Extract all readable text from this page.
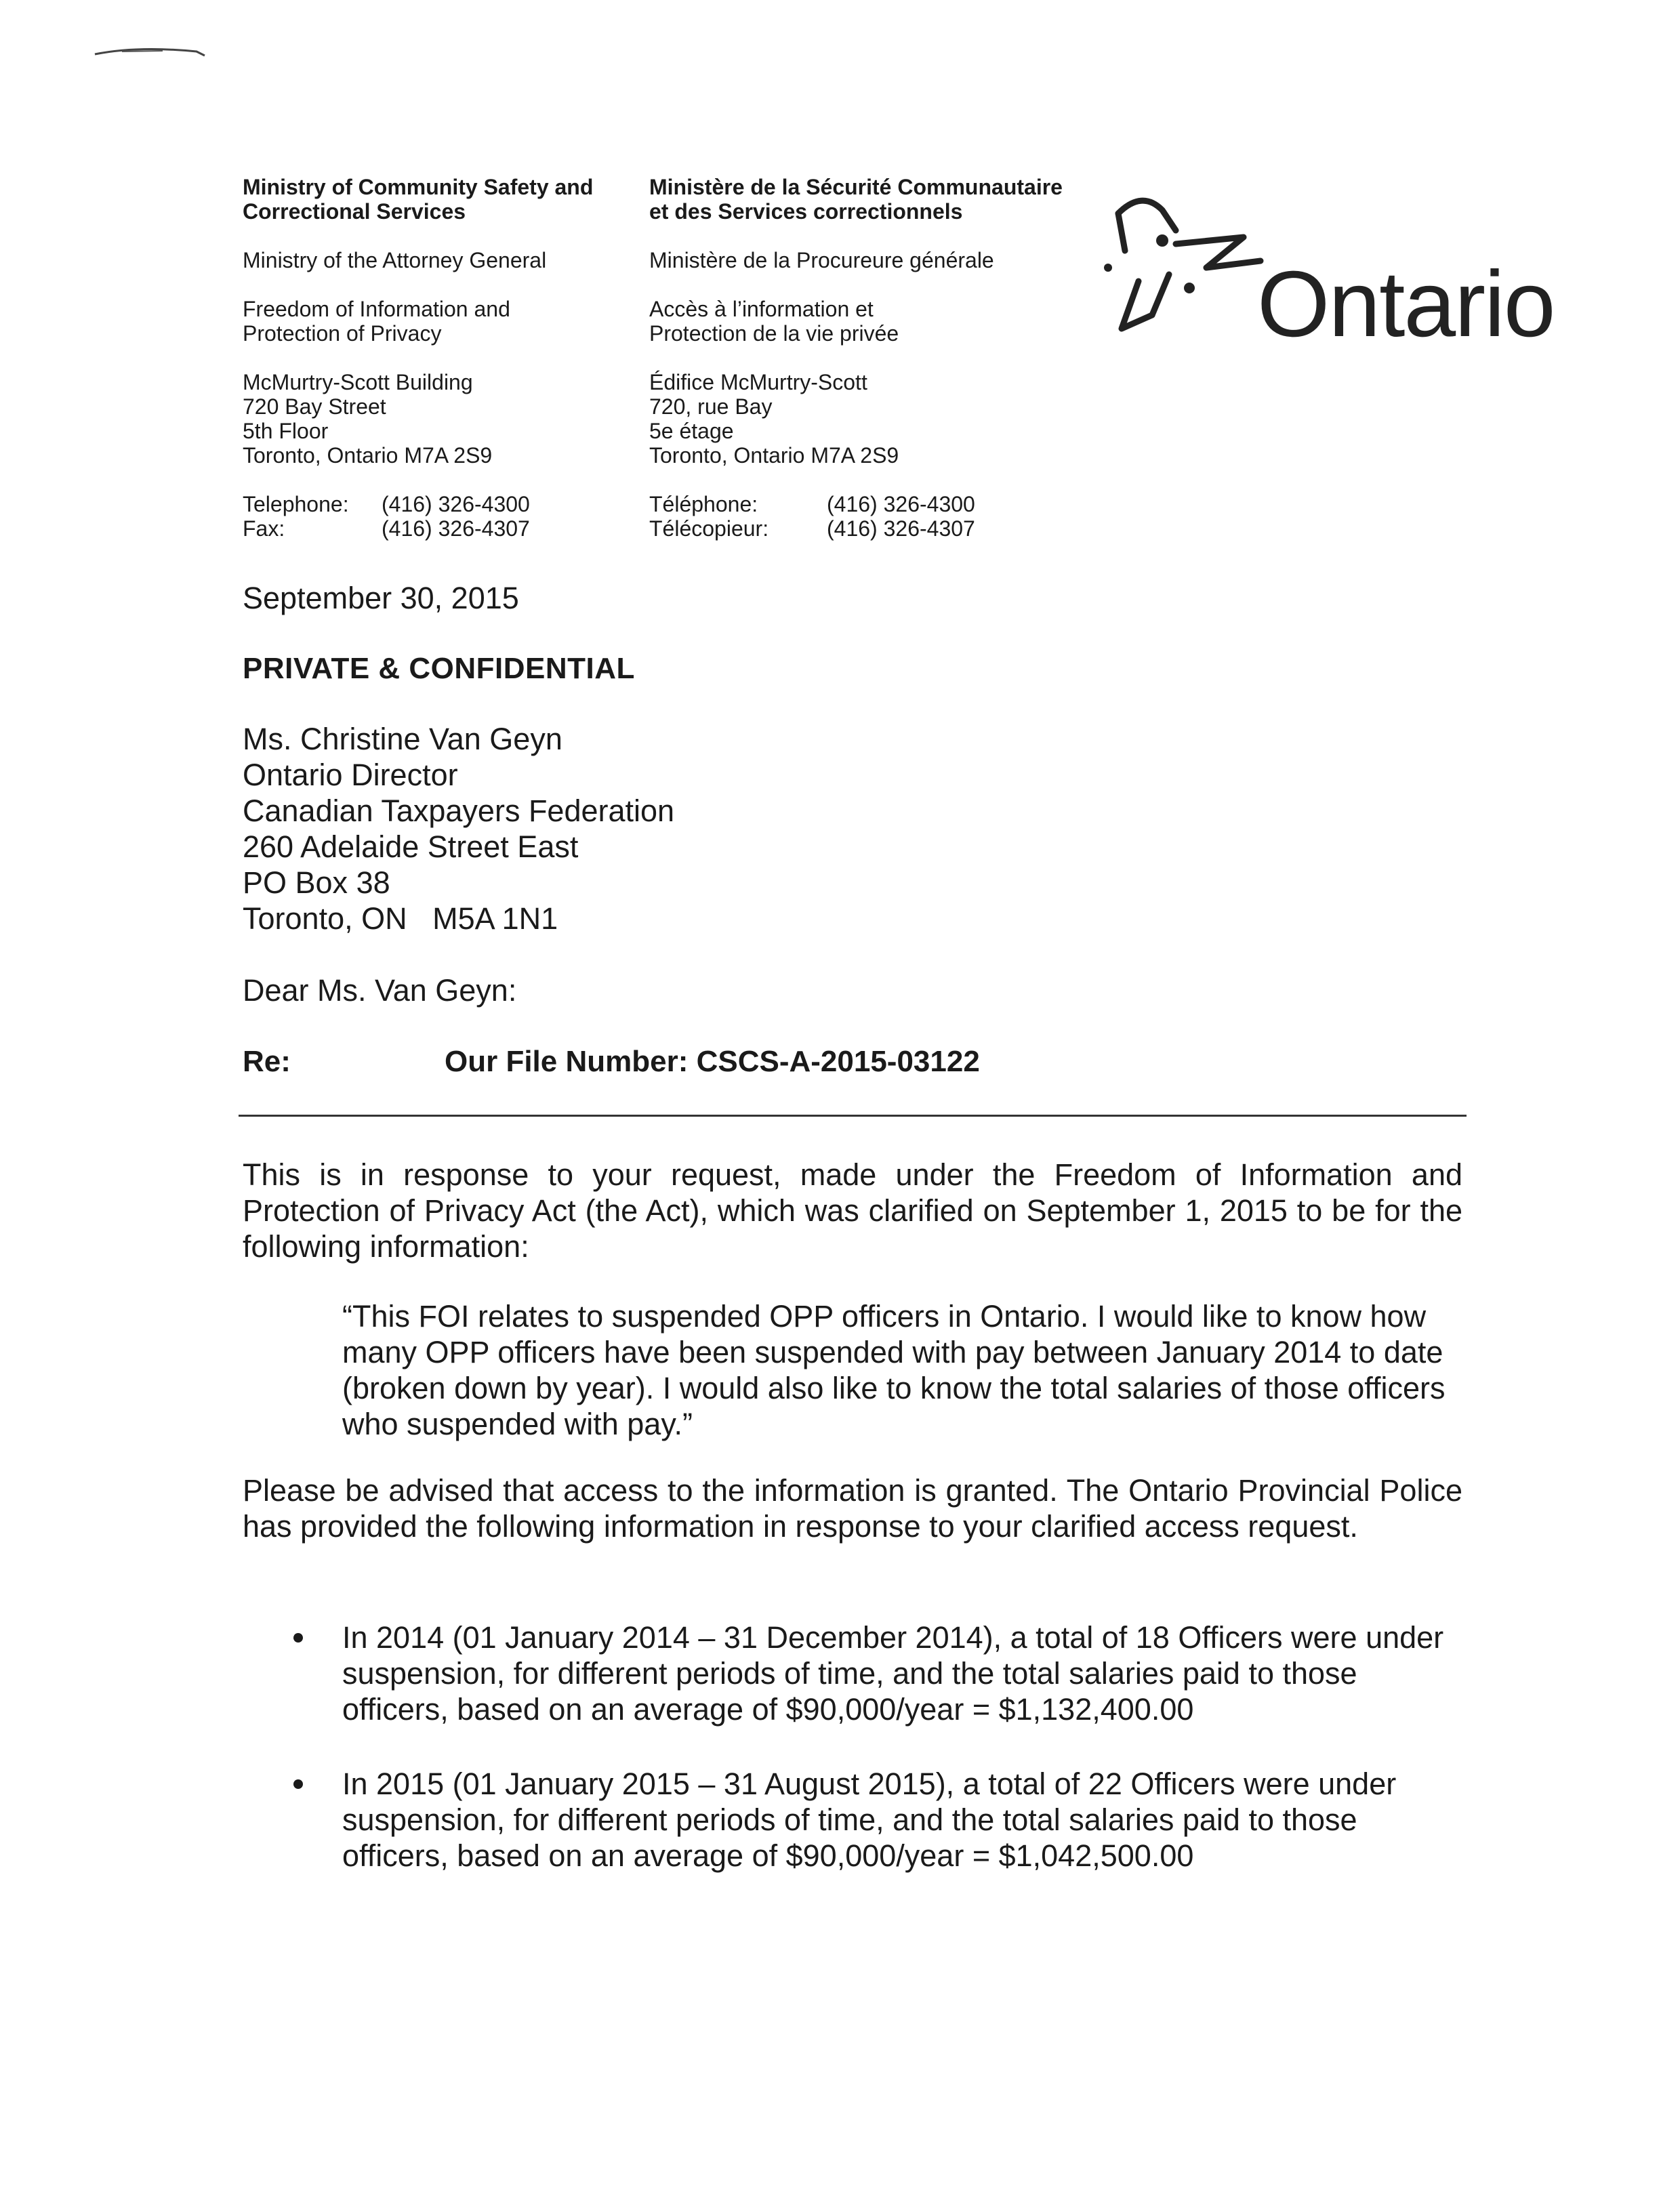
Ministry of Community Safety and
Correctional Services
Ministry of the Attorney General
Freedom of Information and
Protection of Privacy
McMurtry-Scott Building
720 Bay Street
5th Floor
Toronto, Ontario M7A 2S9
Telephone:	(416) 326-4300
Fax:	(416) 326-4307
Ministère de la Sécurité Communautaire
et des Services correctionnels
Ministère de la Procureure générale
Accès à l’information et
Protection de la vie privée
Édifice McMurtry-Scott
720, rue Bay
5e étage
Toronto, Ontario M7A 2S9
Téléphone:	(416) 326-4300
Télécopieur:	(416) 326-4307
Ontario
September 30, 2015
PRIVATE & CONFIDENTIAL
Ms. Christine Van Geyn
Ontario Director
Canadian Taxpayers Federation
260 Adelaide Street East
PO Box 38
Toronto, ON   M5A 1N1
Dear Ms. Van Geyn:
Re:	Our File Number: CSCS-A-2015-03122
This is in response to your request, made under the Freedom of Information and Protection of Privacy Act (the Act), which was clarified on September 1, 2015 to be for the following information:
“This FOI relates to suspended OPP officers in Ontario. I would like to know how many OPP officers have been suspended with pay between January 2014 to date (broken down by year). I would also like to know the total salaries of those officers who suspended with pay.”
Please be advised that access to the information is granted. The Ontario Provincial Police has provided the following information in response to your clarified access request.
In 2014 (01 January 2014 – 31 December 2014), a total of 18 Officers were under suspension, for different periods of time, and the total salaries paid to those officers, based on an average of $90,000/year = $1,132,400.00
In 2015 (01 January 2015 – 31 August 2015), a total of 22 Officers were under suspension, for different periods of time, and the total salaries paid to those officers, based on an average of $90,000/year = $1,042,500.00
